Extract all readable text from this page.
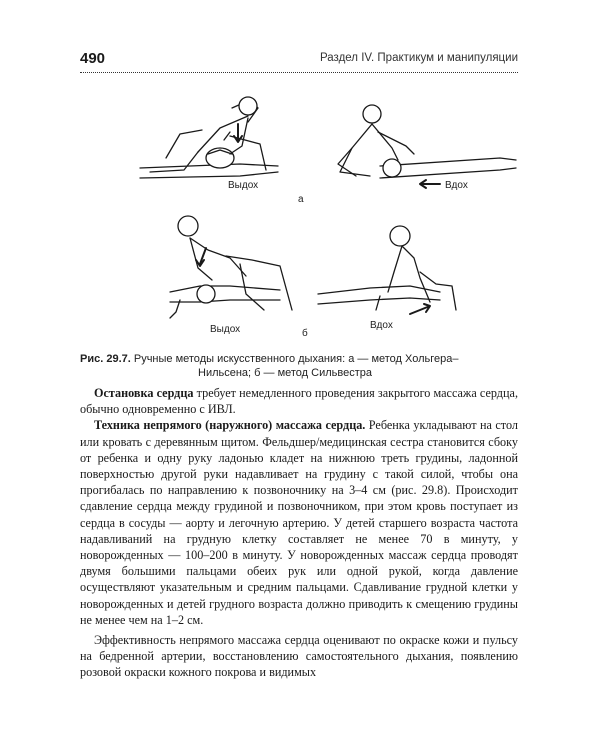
490	Раздел IV. Практикум и манипуляции
Выдох	Вдох
а
Выдох	Вдох
б
Рис. 29.7. Ручные методы искусственного дыхания: а — метод Хольгера–
Нильсена; б — метод Сильвестра

Остановка сердца требует немедленного проведения закрытого массажа сердца, обычно одновременно с ИВЛ.

Техника непрямого (наружного) массажа сердца. Ребенка укладывают на стол или кровать с деревянным щитом. Фельдшер/медицинская сестра становится сбоку от ребенка и одну руку ладонью кладет на нижнюю треть грудины, ладонной поверхностью другой руки надавливает на грудину с такой силой, чтобы она прогибалась по направлению к позвоночнику на 3–4 см (рис. 29.8). Происходит сдавление сердца между грудиной и позвоночником, при этом кровь поступает из сердца в сосуды — аорту и легочную артерию. У детей старшего возраста частота надавливаний на грудную клетку составляет не менее 70 в минуту, у новорожденных — 100–200 в минуту. У новорожденных массаж сердца проводят двумя большими пальцами обеих рук или одной рукой, когда давление осуществляют указательным и средним пальцами. Сдавливание грудной клетки у новорожденных и детей грудного возраста должно приводить к смещению грудины не менее чем на 1–2 см.

Эффективность непрямого массажа сердца оценивают по окраске кожи и пульсу на бедренной артерии, восстановлению самостоятельного дыхания, появлению розовой окраски кожного покрова и видимых
